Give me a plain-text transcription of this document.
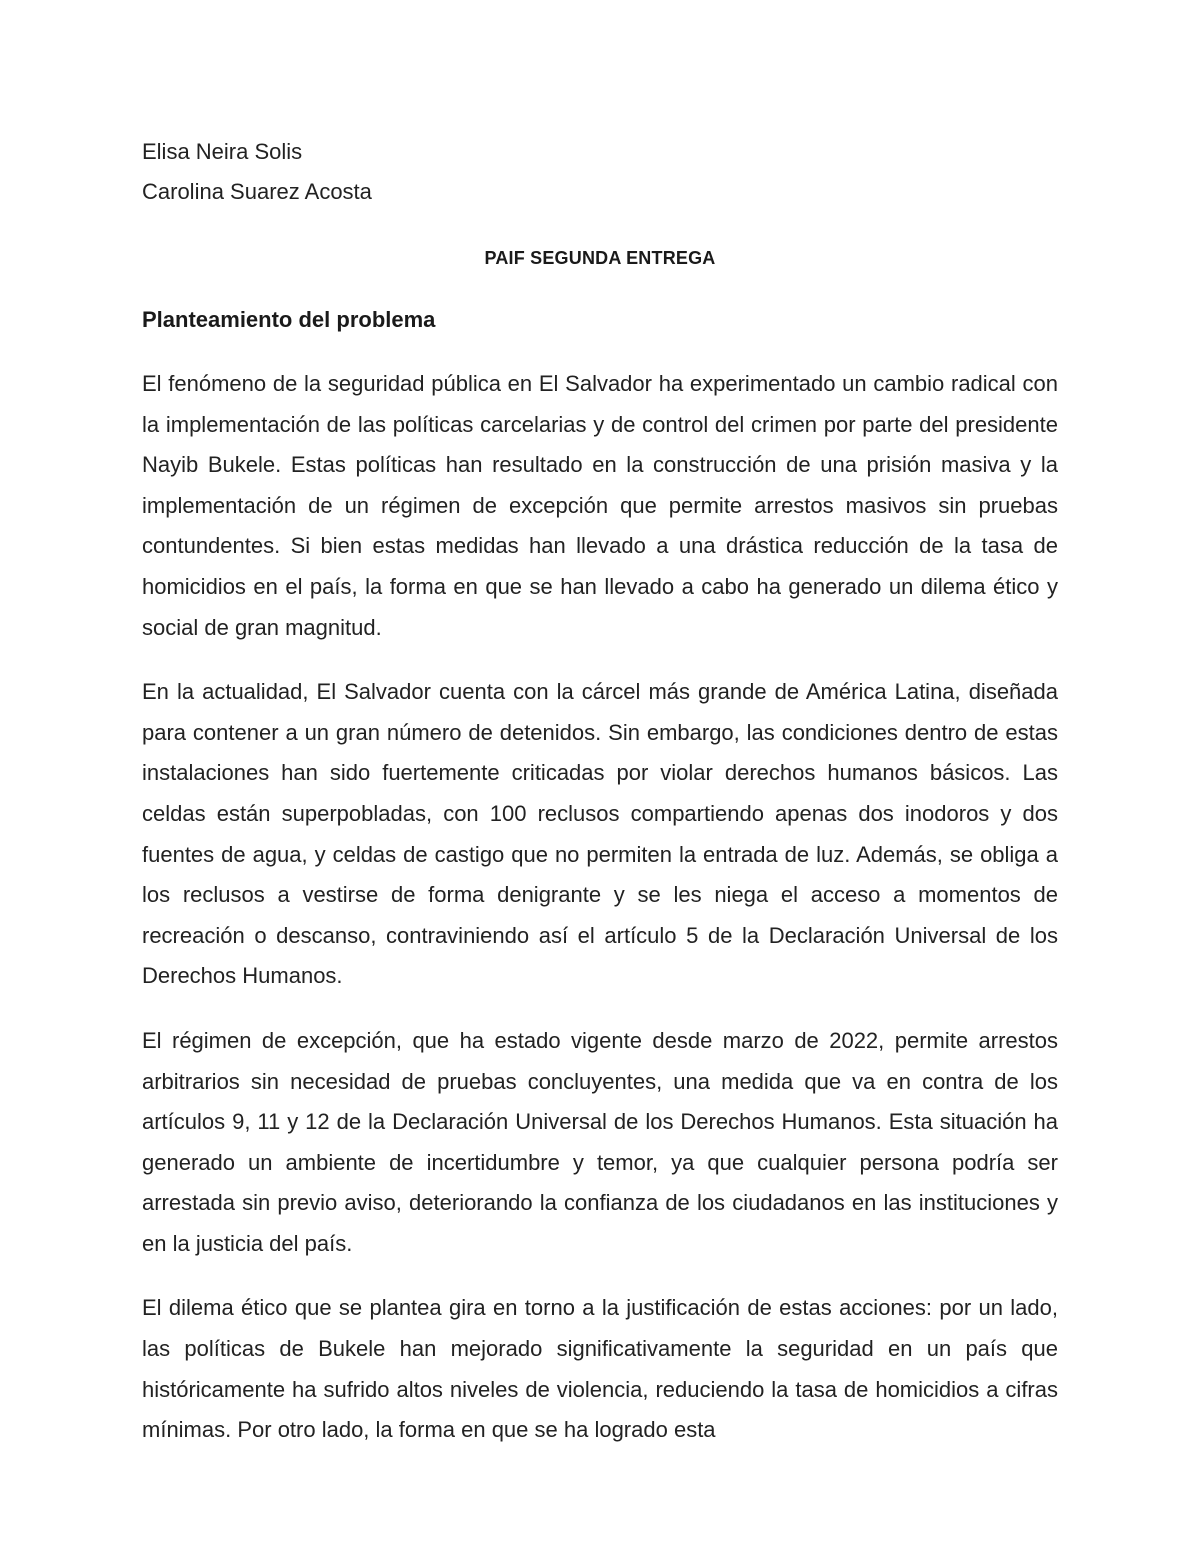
Elisa Neira Solis

Carolina Suarez Acosta

PAIF SEGUNDA ENTREGA

Planteamiento del problema

El fenómeno de la seguridad pública en El Salvador ha experimentado un cambio radical con la implementación de las políticas carcelarias y de control del crimen por parte del presidente Nayib Bukele. Estas políticas han resultado en la construcción de una prisión masiva y la implementación de un régimen de excepción que permite arrestos masivos sin pruebas contundentes. Si bien estas medidas han llevado a una drástica reducción de la tasa de homicidios en el país, la forma en que se han llevado a cabo ha generado un dilema ético y social de gran magnitud.

En la actualidad, El Salvador cuenta con la cárcel más grande de América Latina, diseñada para contener a un gran número de detenidos. Sin embargo, las condiciones dentro de estas instalaciones han sido fuertemente criticadas por violar derechos humanos básicos. Las celdas están superpobladas, con 100 reclusos compartiendo apenas dos inodoros y dos fuentes de agua, y celdas de castigo que no permiten la entrada de luz. Además, se obliga a los reclusos a vestirse de forma denigrante y se les niega el acceso a momentos de recreación o descanso, contraviniendo así el artículo 5 de la Declaración Universal de los Derechos Humanos.

El régimen de excepción, que ha estado vigente desde marzo de 2022, permite arrestos arbitrarios sin necesidad de pruebas concluyentes, una medida que va en contra de los artículos 9, 11 y 12 de la Declaración Universal de los Derechos Humanos. Esta situación ha generado un ambiente de incertidumbre y temor, ya que cualquier persona podría ser arrestada sin previo aviso, deteriorando la confianza de los ciudadanos en las instituciones y en la justicia del país.

El dilema ético que se plantea gira en torno a la justificación de estas acciones: por un lado, las políticas de Bukele han mejorado significativamente la seguridad en un país que históricamente ha sufrido altos niveles de violencia, reduciendo la tasa de homicidios a cifras mínimas. Por otro lado, la forma en que se ha logrado esta
